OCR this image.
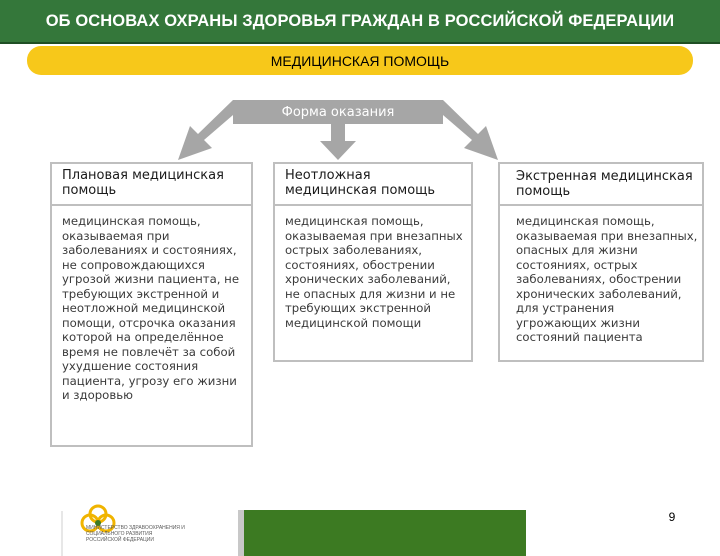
ОБ ОСНОВАХ ОХРАНЫ ЗДОРОВЬЯ ГРАЖДАН В РОССИЙСКОЙ ФЕДЕРАЦИИ
МЕДИЦИНСКАЯ ПОМОЩЬ
Форма оказания
Плановая медицинская помощь
медицинская помощь, оказываемая при заболеваниях и состояниях, не сопровождающихся угрозой жизни пациента, не требующих экстренной и неотложной медицинской помощи, отсрочка оказания которой на определённое время не повлечёт за собой ухудшение состояния пациента, угрозу его жизни и здоровью
Неотложная медицинская помощь
медицинская помощь, оказываемая при внезапных острых заболеваниях, состояниях, обострении хронических заболеваний, не опасных для жизни и не требующих экстренной медицинской помощи
Экстренная медицинская помощь
медицинская помощь, оказываемая при внезапных, опасных для жизни состояниях, острых заболеваниях, обострении хронических заболеваний, для устранения угрожающих жизни состояний пациента
МИНИСТЕРСТВО ЗДРАВООХРАНЕНИЯ И СОЦИАЛЬНОГО РАЗВИТИЯ РОССИЙСКОЙ ФЕДЕРАЦИИ
9
